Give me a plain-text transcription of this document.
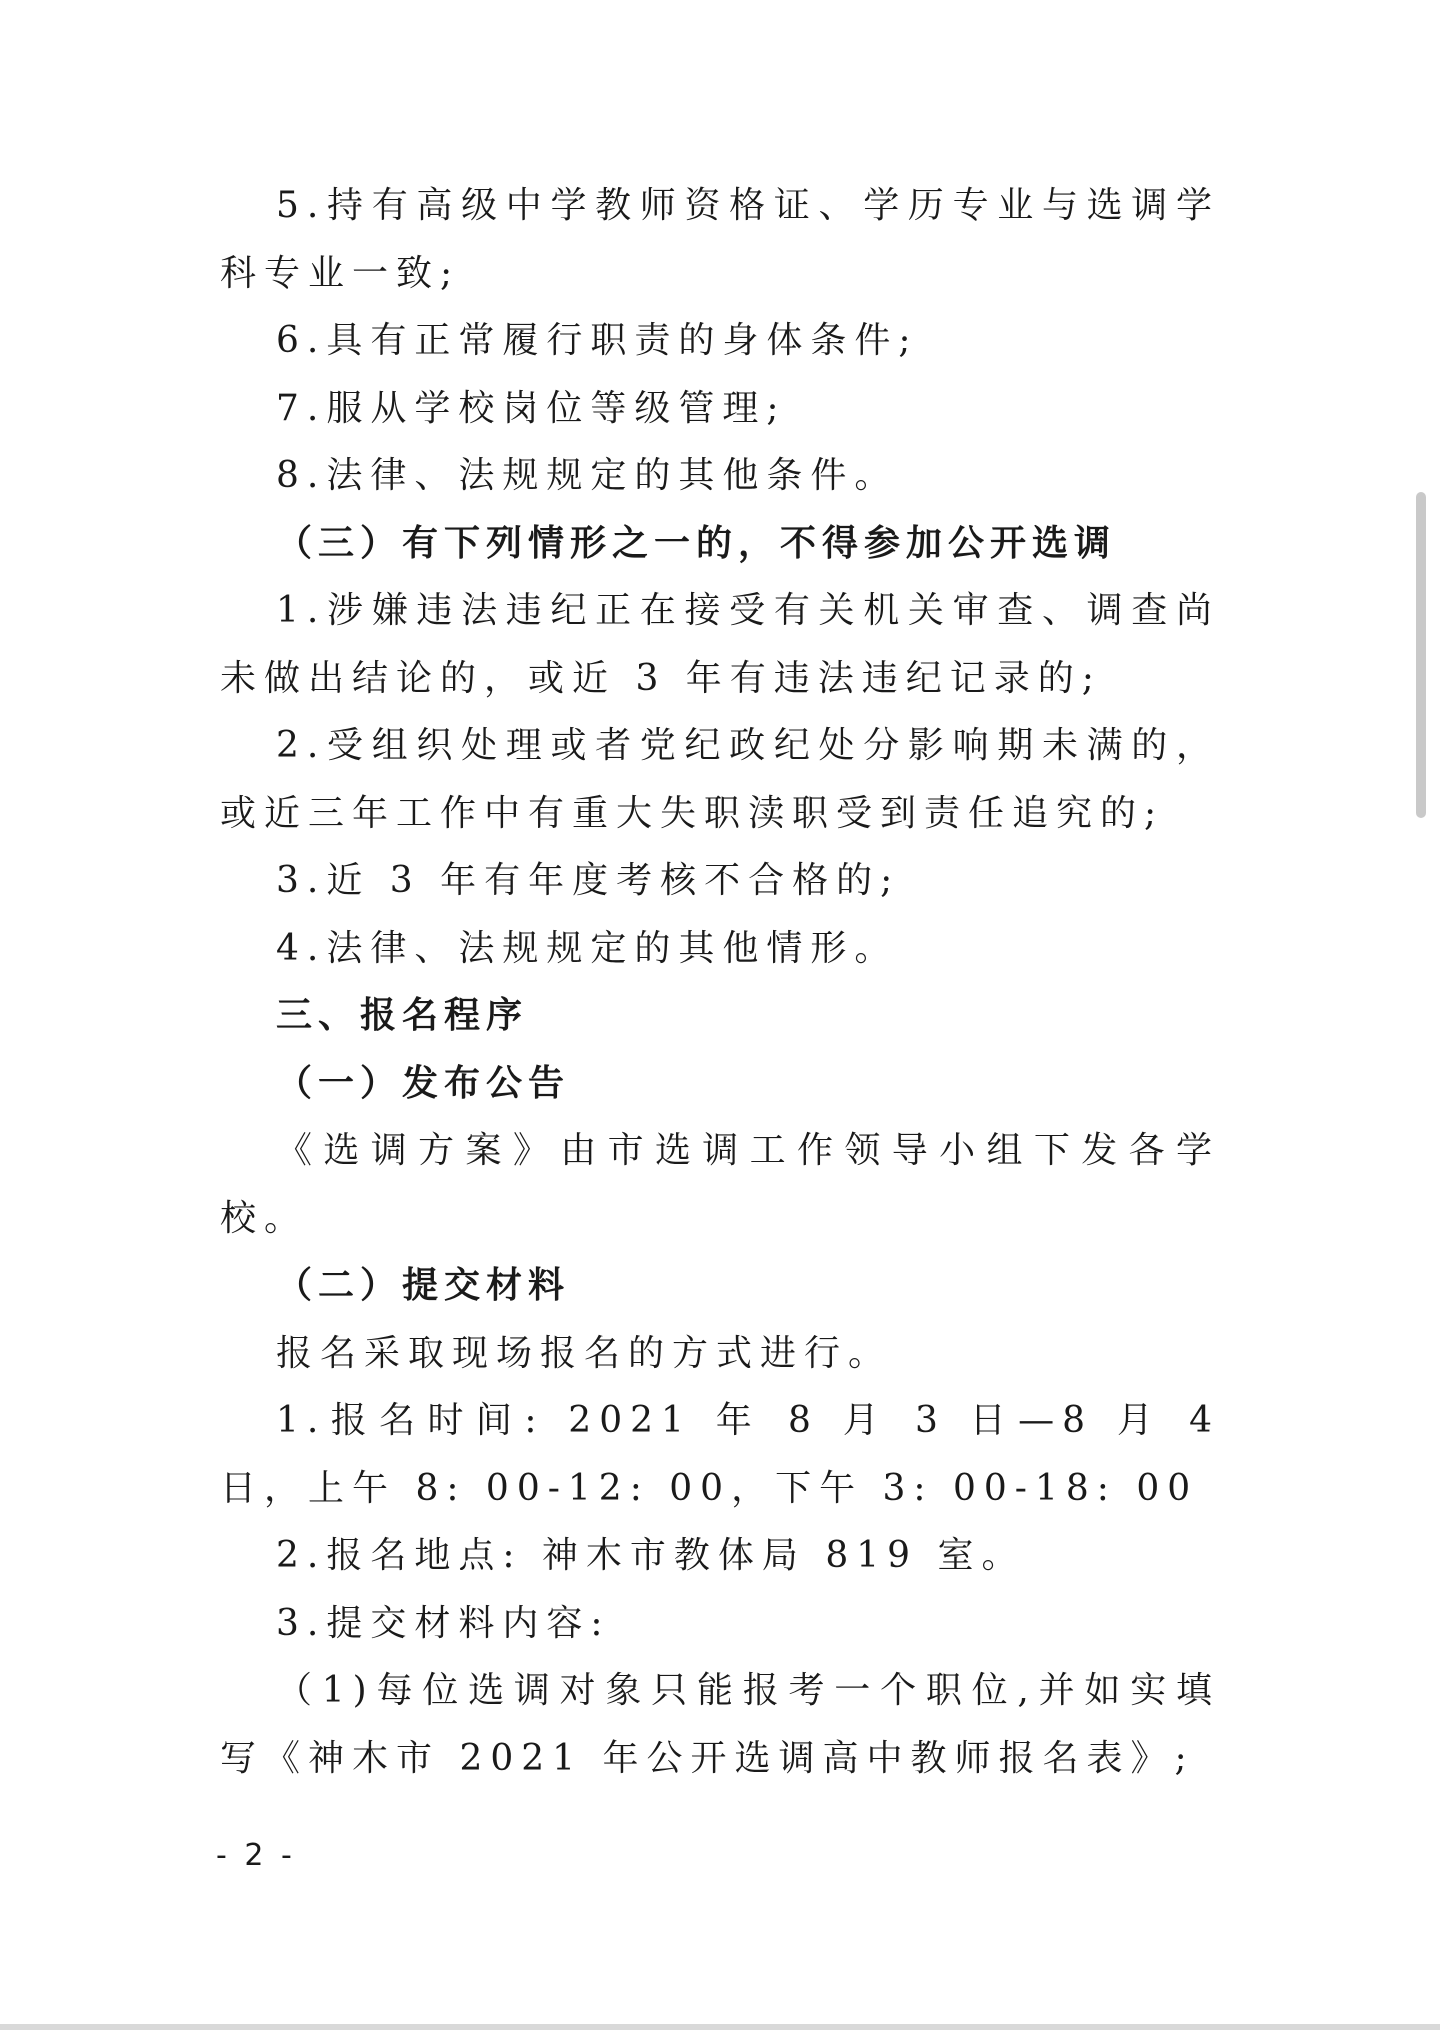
5.持有高级中学教师资格证、学历专业与选调学科专业一致;

6.具有正常履行职责的身体条件;

7.服从学校岗位等级管理;

8.法律、法规规定的其他条件。

（三）有下列情形之一的，不得参加公开选调

1.涉嫌违法违纪正在接受有关机关审查、调查尚未做出结论的，或近 3 年有违法违纪记录的;

2.受组织处理或者党纪政纪处分影响期未满的，或近三年工作中有重大失职渎职受到责任追究的;

3.近 3 年有年度考核不合格的;

4.法律、法规规定的其他情形。

三、报名程序

（一）发布公告

《选调方案》由市选调工作领导小组下发各学校。

（二）提交材料

报名采取现场报名的方式进行。

1.报名时间: 2021 年 8 月 3 日—8 月 4 日，上午 8: 00-12: 00，下午 3: 00-18: 00

2.报名地点: 神木市教体局 819 室。

3.提交材料内容:

（1)每位选调对象只能报考一个职位,并如实填写《神木市 2021 年公开选调高中教师报名表》;

- 2 -
